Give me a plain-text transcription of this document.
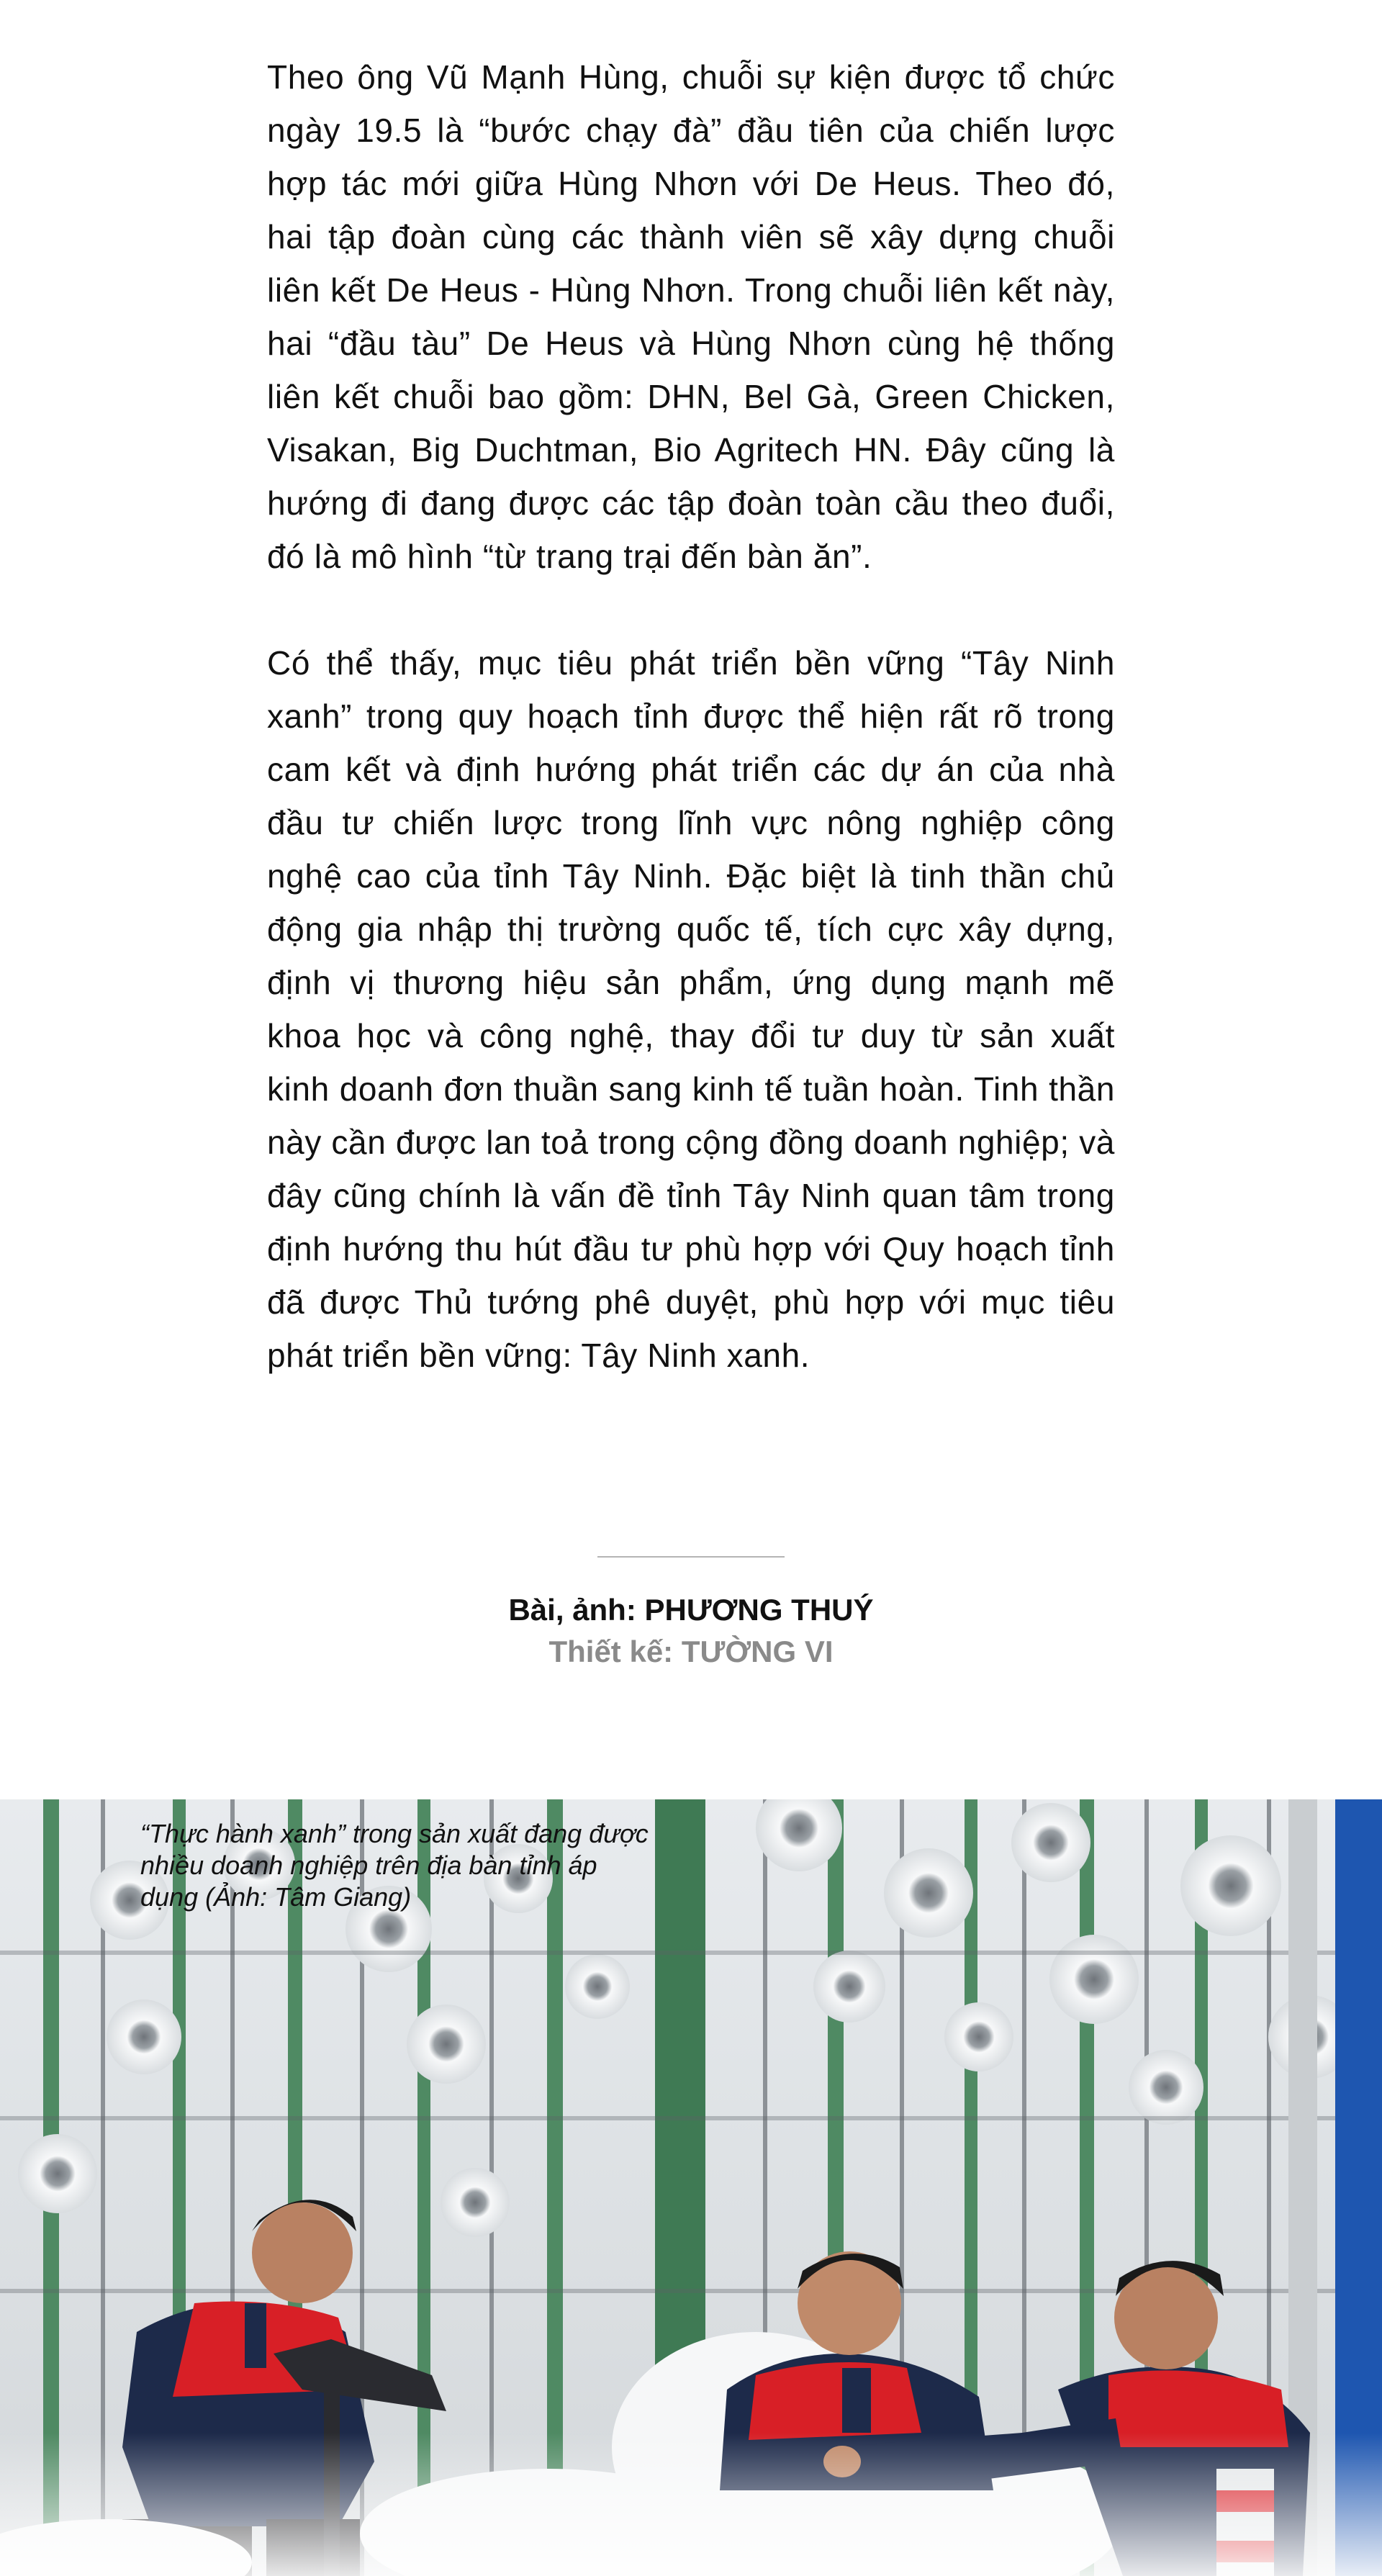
Theo ông Vũ Mạnh Hùng, chuỗi sự kiện được tổ chức ngày 19.5 là “bước chạy đà” đầu tiên của chiến lược hợp tác mới giữa Hùng Nhơn với De Heus. Theo đó, hai tập đoàn cùng các thành viên sẽ xây dựng chuỗi liên kết De Heus - Hùng Nhơn. Trong chuỗi liên kết này, hai “đầu tàu” De Heus và Hùng Nhơn cùng hệ thống liên kết chuỗi bao gồm: DHN, Bel Gà, Green Chicken, Visakan, Big Duchtman, Bio Agritech HN. Đây cũng là hướng đi đang được các tập đoàn toàn cầu theo đuổi, đó là mô hình “từ trang trại đến bàn ăn”.

Có thể thấy, mục tiêu phát triển bền vững “Tây Ninh xanh” trong quy hoạch tỉnh được thể hiện rất rõ trong cam kết và định hướng phát triển các dự án của nhà đầu tư chiến lược trong lĩnh vực nông nghiệp công nghệ cao của tỉnh Tây Ninh. Đặc biệt là tinh thần chủ động gia nhập thị trường quốc tế, tích cực xây dựng, định vị thương hiệu sản phẩm, ứng dụng mạnh mẽ khoa học và công nghệ, thay đổi tư duy từ sản xuất kinh doanh đơn thuần sang kinh tế tuần hoàn. Tinh thần này cần được lan toả trong cộng đồng doanh nghiệp; và đây cũng chính là vấn đề tỉnh Tây Ninh quan tâm trong định hướng thu hút đầu tư phù hợp với Quy hoạch tỉnh đã được Thủ tướng phê duyệt, phù hợp với mục tiêu phát triển bền vững: Tây Ninh xanh.

Bài, ảnh: PHƯƠNG THUÝ
Thiết kế: TƯỜNG VI
“Thực hành xanh” trong sản xuất đang được nhiều doanh nghiệp trên địa bàn tỉnh áp dụng (Ảnh: Tâm Giang)
